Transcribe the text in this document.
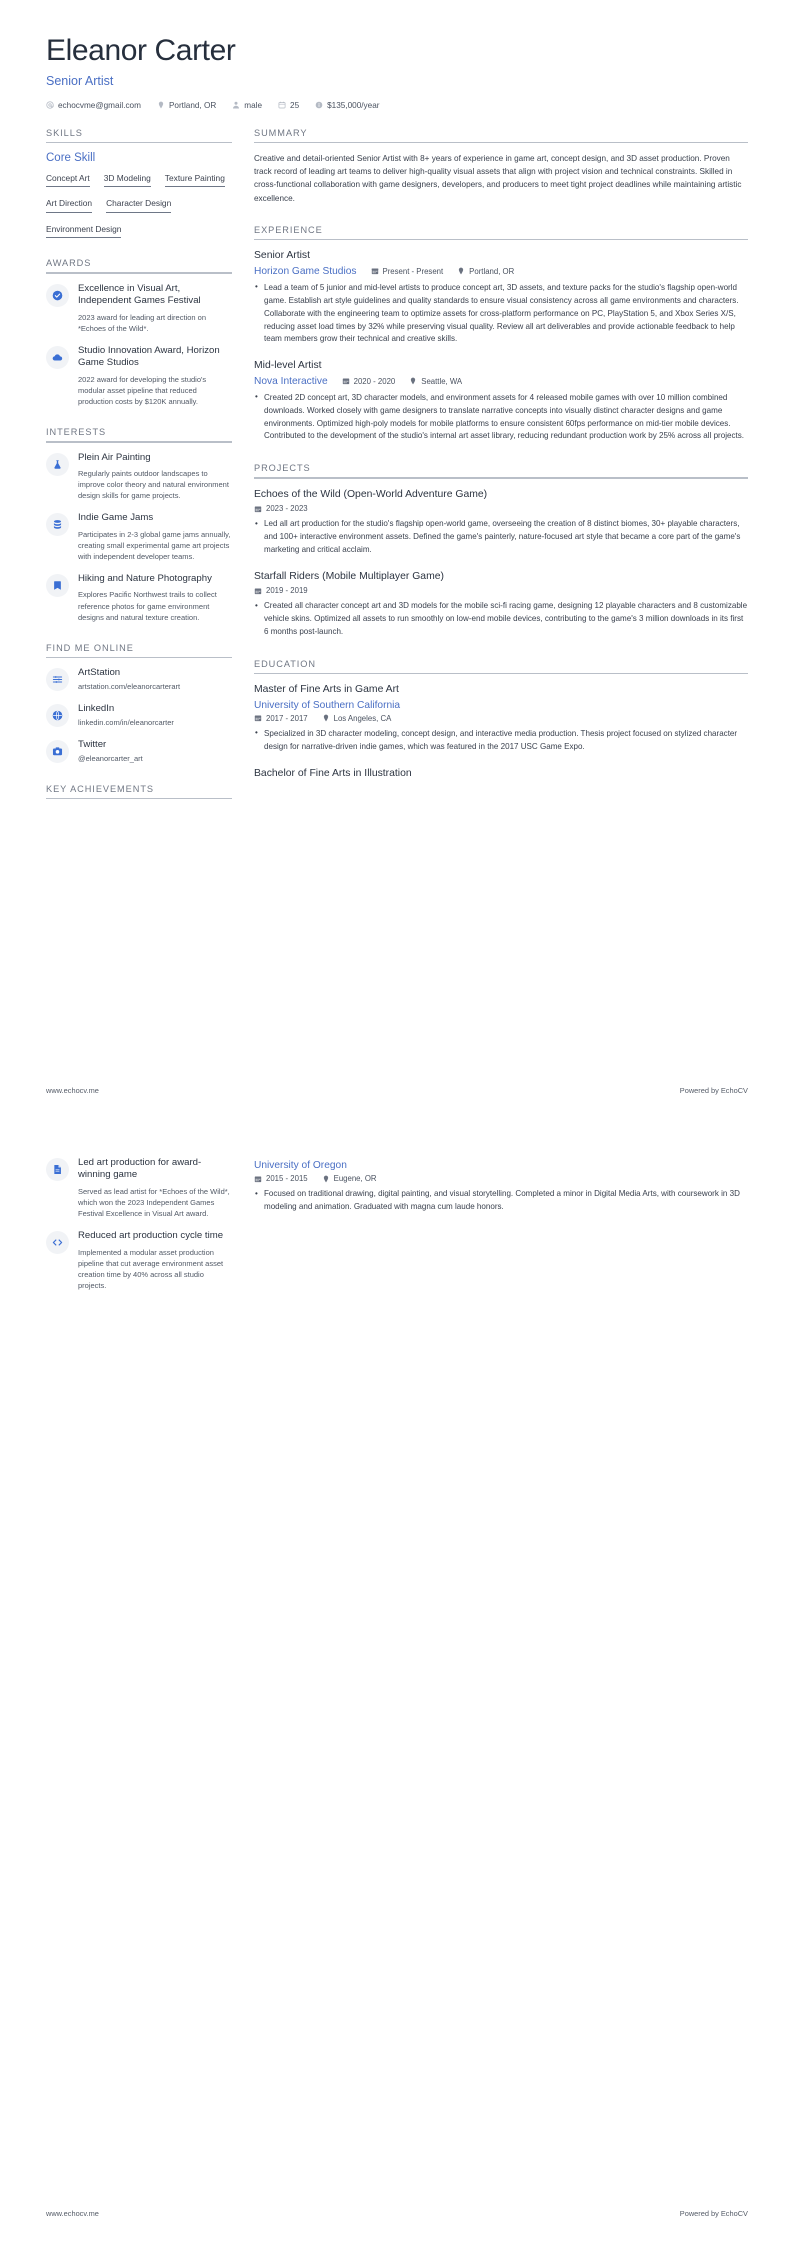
Eleanor Carter
Senior Artist
echocvme@gmail.com	Portland, OR	male	25	$135,000/year
SKILLS
Core Skill
Concept Art 3D Modeling Texture Painting
Art Direction Character Design
Environment Design
AWARDS
Excellence in Visual Art, Independent Games Festival
2023 award for leading art direction on *Echoes of the Wild*.
Studio Innovation Award, Horizon Game Studios
2022 award for developing the studio's modular asset pipeline that reduced production costs by $120K annually.
INTERESTS
Plein Air Painting
Regularly paints outdoor landscapes to improve color theory and natural environment design skills for game projects.
Indie Game Jams
Participates in 2-3 global game jams annually, creating small experimental game art projects with independent developer teams.
Hiking and Nature Photography
Explores Pacific Northwest trails to collect reference photos for game environment designs and natural texture creation.
FIND ME ONLINE
ArtStation
artstation.com/eleanorcarterart
LinkedIn
linkedin.com/in/eleanorcarter
Twitter
@eleanorcarter_art
KEY ACHIEVEMENTS
SUMMARY
Creative and detail-oriented Senior Artist with 8+ years of experience in game art, concept design, and 3D asset production. Proven track record of leading art teams to deliver high-quality visual assets that align with project vision and technical constraints. Skilled in cross-functional collaboration with game designers, developers, and producers to meet tight project deadlines while maintaining artistic excellence.
EXPERIENCE
Senior Artist
Horizon Game Studios	Present - Present	Portland, OR
• Lead a team of 5 junior and mid-level artists to produce concept art, 3D assets, and texture packs for the studio's flagship open-world game. Establish art style guidelines and quality standards to ensure visual consistency across all game environments and characters. Collaborate with the engineering team to optimize assets for cross-platform performance on PC, PlayStation 5, and Xbox Series X/S, reducing asset load times by 32% while preserving visual quality. Review all art deliverables and provide actionable feedback to help team members grow their technical and creative skills.
Mid-level Artist
Nova Interactive	2020 - 2020	Seattle, WA
• Created 2D concept art, 3D character models, and environment assets for 4 released mobile games with over 10 million combined downloads. Worked closely with game designers to translate narrative concepts into visually distinct character designs and game environments. Optimized high-poly models for mobile platforms to ensure consistent 60fps performance on mid-tier mobile devices. Contributed to the development of the studio's internal art asset library, reducing redundant production work by 25% across all projects.
PROJECTS
Echoes of the Wild (Open-World Adventure Game)
2023 - 2023
• Led all art production for the studio's flagship open-world game, overseeing the creation of 8 distinct biomes, 30+ playable characters, and 100+ interactive environment assets. Defined the game's painterly, nature-focused art style that became a core part of the game's marketing and critical acclaim.
Starfall Riders (Mobile Multiplayer Game)
2019 - 2019
• Created all character concept art and 3D models for the mobile sci-fi racing game, designing 12 playable characters and 8 customizable vehicle skins. Optimized all assets to run smoothly on low-end mobile devices, contributing to the game's 3 million downloads in its first 6 months post-launch.
EDUCATION
Master of Fine Arts in Game Art
University of Southern California
2017 - 2017	Los Angeles, CA
• Specialized in 3D character modeling, concept design, and interactive media production. Thesis project focused on stylized character design for narrative-driven indie games, which was featured in the 2017 USC Game Expo.
Bachelor of Fine Arts in Illustration
www.echocv.me	Powered by EchoCV
Led art production for award-winning game
Served as lead artist for *Echoes of the Wild*, which won the 2023 Independent Games Festival Excellence in Visual Art award.
Reduced art production cycle time
Implemented a modular asset production pipeline that cut average environment asset creation time by 40% across all studio projects.
University of Oregon
2015 - 2015	Eugene, OR
• Focused on traditional drawing, digital painting, and visual storytelling. Completed a minor in Digital Media Arts, with coursework in 3D modeling and animation. Graduated with magna cum laude honors.
www.echocv.me	Powered by EchoCV
